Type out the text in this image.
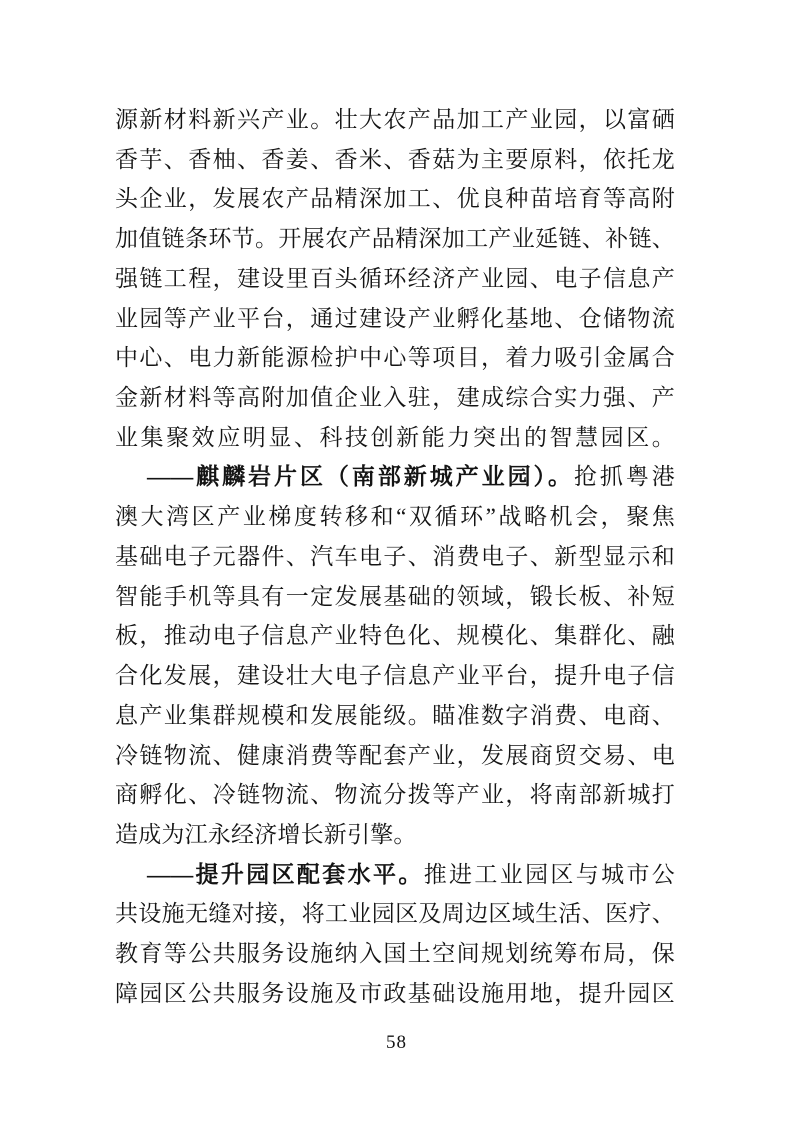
源新材料新兴产业。壮大农产品加工产业园，以富硒
香芋、香柚、香姜、香米、香菇为主要原料，依托龙
头企业，发展农产品精深加工、优良种苗培育等高附
加值链条环节。开展农产品精深加工产业延链、补链、
强链工程，建设里百头循环经济产业园、电子信息产
业园等产业平台，通过建设产业孵化基地、仓储物流
中心、电力新能源检护中心等项目，着力吸引金属合
金新材料等高附加值企业入驻，建成综合实力强、产
业集聚效应明显、科技创新能力突出的智慧园区。
——麒麟岩片区（南部新城产业园）。抢抓粤港
澳大湾区产业梯度转移和“双循环”战略机会，聚焦
基础电子元器件、汽车电子、消费电子、新型显示和
智能手机等具有一定发展基础的领域，锻长板、补短
板，推动电子信息产业特色化、规模化、集群化、融
合化发展，建设壮大电子信息产业平台，提升电子信
息产业集群规模和发展能级。瞄准数字消费、电商、
冷链物流、健康消费等配套产业，发展商贸交易、电
商孵化、冷链物流、物流分拨等产业，将南部新城打
造成为江永经济增长新引擎。
——提升园区配套水平。推进工业园区与城市公
共设施无缝对接，将工业园区及周边区域生活、医疗、
教育等公共服务设施纳入国土空间规划统筹布局，保
障园区公共服务设施及市政基础设施用地，提升园区
58
